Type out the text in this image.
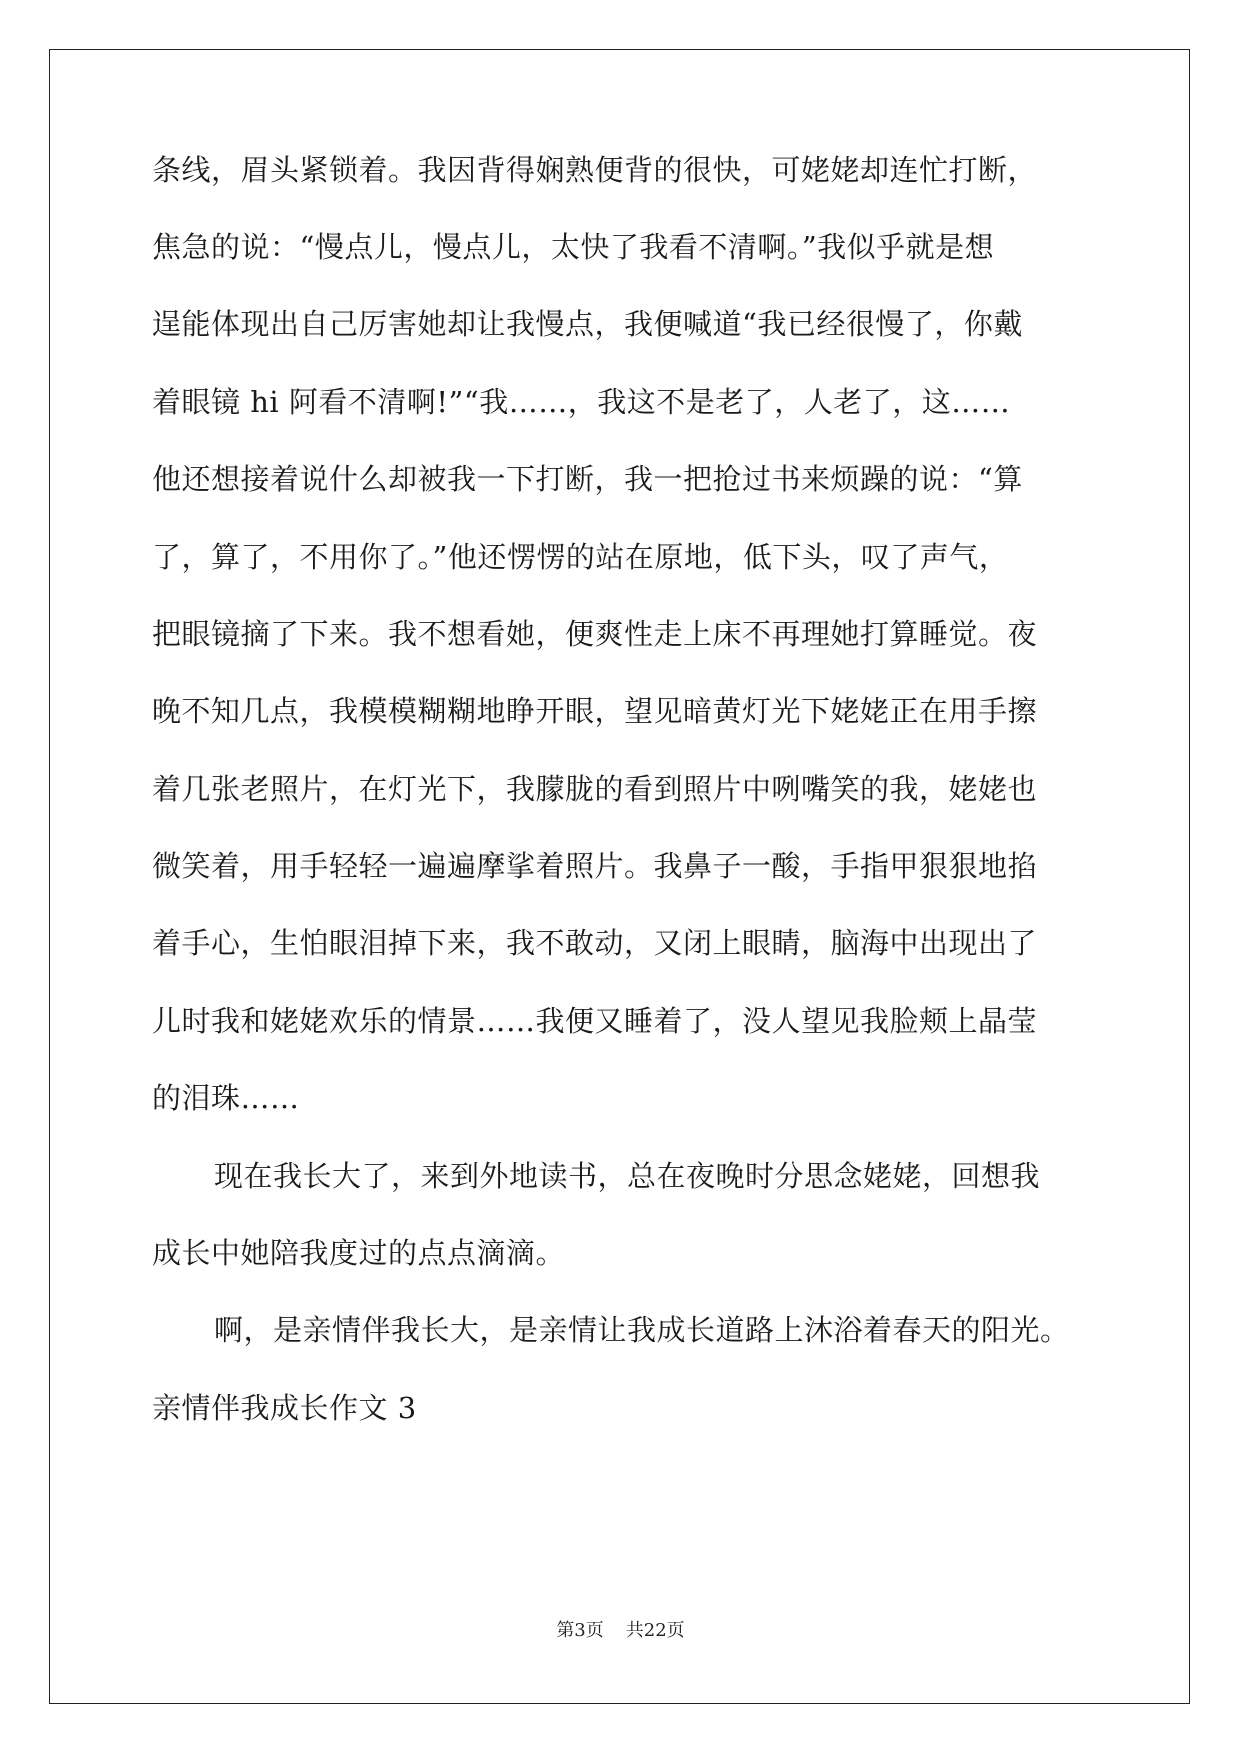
条线，眉头紧锁着。我因背得娴熟便背的很快，可姥姥却连忙打断，
焦急的说：“慢点儿，慢点儿，太快了我看不清啊。”我似乎就是想
逞能体现出自己厉害她却让我慢点，我便喊道“我已经很慢了，你戴
着眼镜 hi 阿看不清啊!”“我……，我这不是老了，人老了，这……
他还想接着说什么却被我一下打断，我一把抢过书来烦躁的说：“算
了，算了，不用你了。”他还愣愣的站在原地，低下头，叹了声气，
把眼镜摘了下来。我不想看她，便爽性走上床不再理她打算睡觉。夜
晚不知几点，我模模糊糊地睁开眼，望见暗黄灯光下姥姥正在用手擦
着几张老照片，在灯光下，我朦胧的看到照片中咧嘴笑的我，姥姥也
微笑着，用手轻轻一遍遍摩挲着照片。我鼻子一酸，手指甲狠狠地掐
着手心，生怕眼泪掉下来，我不敢动，又闭上眼睛，脑海中出现出了
儿时我和姥姥欢乐的情景……我便又睡着了，没人望见我脸颊上晶莹
的泪珠……
现在我长大了，来到外地读书，总在夜晚时分思念姥姥，回想我
成长中她陪我度过的点点滴滴。
啊，是亲情伴我长大，是亲情让我成长道路上沐浴着春天的阳光。
亲情伴我成长作文 3
第3页 共22页
